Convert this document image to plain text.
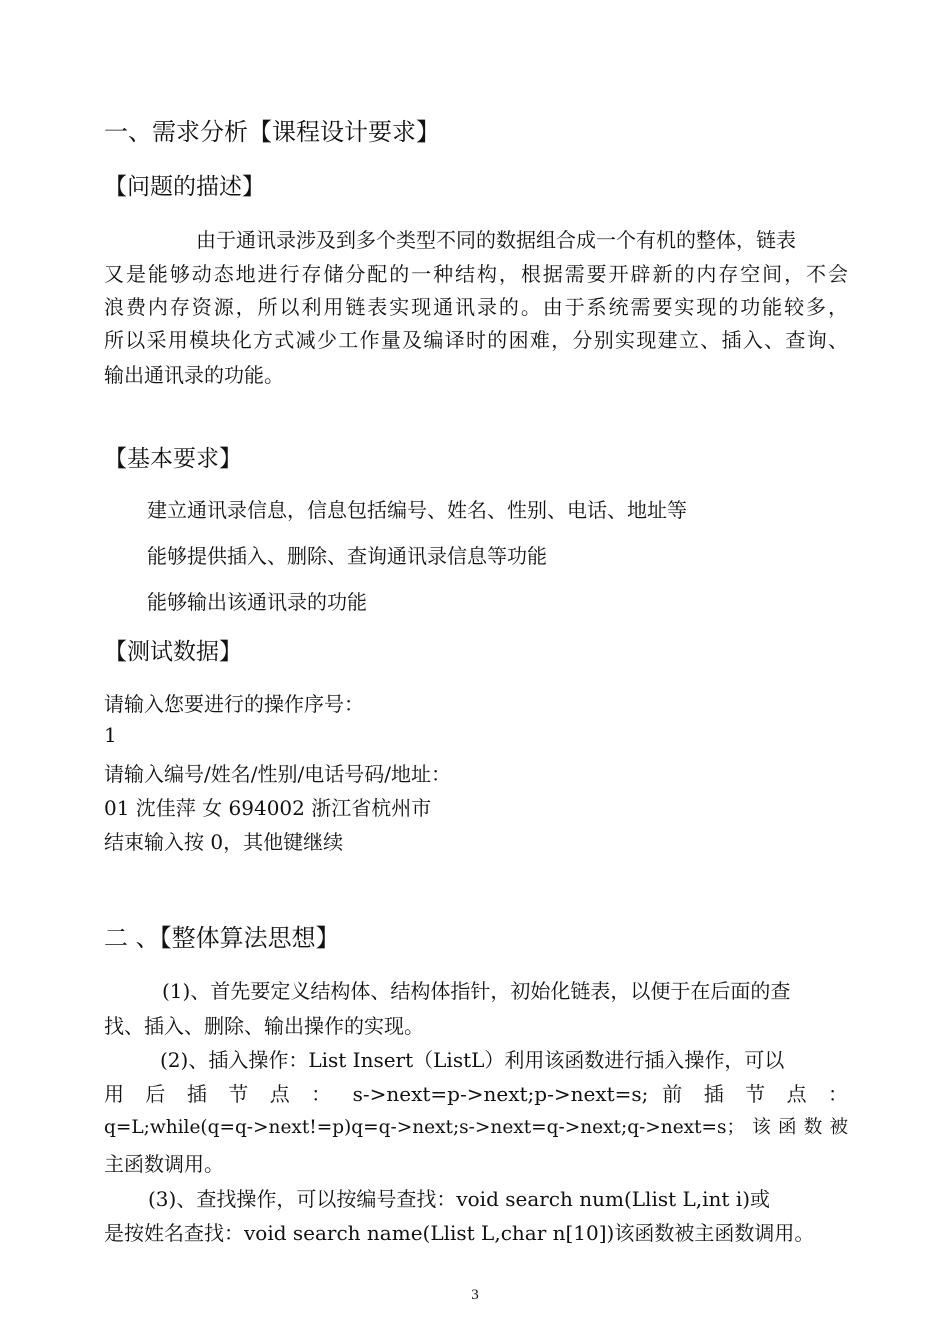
一、需求分析【课程设计要求】
【问题的描述】
由于通讯录涉及到多个类型不同的数据组合成一个有机的整体，链表
又是能够动态地进行存储分配的一种结构，根据需要开辟新的内存空间，不会
浪费内存资源，所以利用链表实现通讯录的。由于系统需要实现的功能较多，
所以采用模块化方式减少工作量及编译时的困难，分别实现建立、插入、查询、
输出通讯录的功能。
【基本要求】
建立通讯录信息，信息包括编号、姓名、性别、电话、地址等
能够提供插入、删除、查询通讯录信息等功能
能够输出该通讯录的功能
【测试数据】
请输入您要进行的操作序号：
1
请输入编号/姓名/性别/电话号码/地址：
01 沈佳萍 女 694002 浙江省杭州市
结束输入按 0，其他键继续
二 、【整体算法思想】
(1)、首先要定义结构体、结构体指针，初始化链表，以便于在后面的查
找、插入、删除、输出操作的实现。
(2)、插入操作：List Insert（ListL）利用该函数进行插入操作，可以
用 后 插 节 点 ： s->next=p->next;p->next=s; 前 插 节 点 ：
q=L;while(q=q->next!=p)q=q->next;s->next=q->next;q->next=s；该函数被
主函数调用。
(3)、查找操作，可以按编号查找：void search num(Llist L,int i)或
是按姓名查找：void search name(Llist L,char n[10])该函数被主函数调用。
3
